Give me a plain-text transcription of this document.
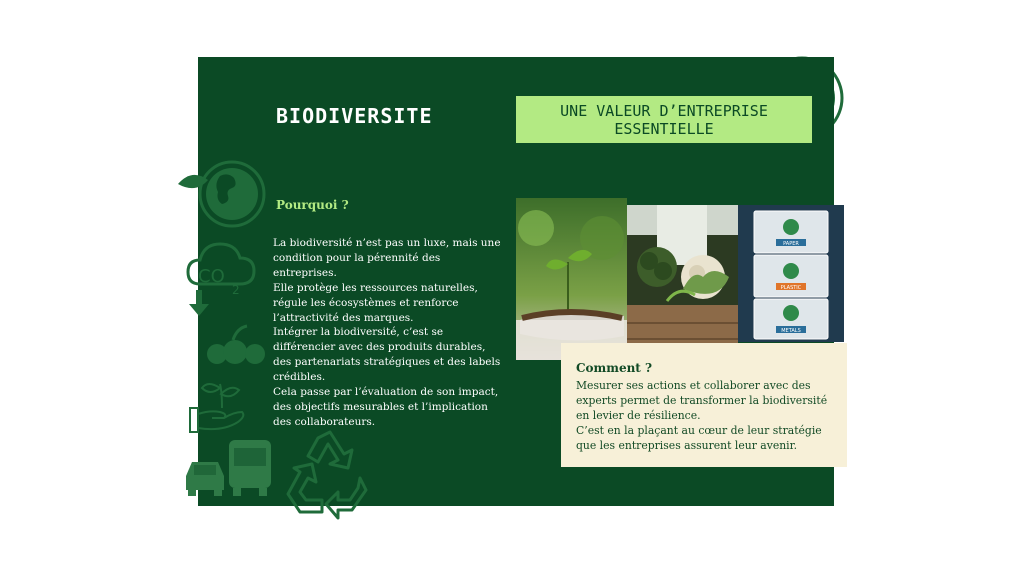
CO
2
BIODIVERSITE	UNE VALEUR D’ENTREPRISE
ESSENTIELLE
Pourquoi ?

La biodiversité n’est pas un luxe, mais une condition pour la pérennité des entreprises.

Elle protège les ressources naturelles, régule les écosystèmes et renforce l’attractivité des marques.

Intégrer la biodiversité, c’est se différencier avec des produits durables, des partenariats stratégiques et des labels crédibles.

Cela passe par l’évaluation de son impact, des objectifs mesurables et l’implication des collaborateurs.

PAPER
PLASTIC
METALS
Comment ?

Mesurer ses actions et collaborer avec des experts permet de transformer la biodiversité en levier de résilience.

C’est en la plaçant au cœur de leur stratégie que les entreprises assurent leur avenir.
